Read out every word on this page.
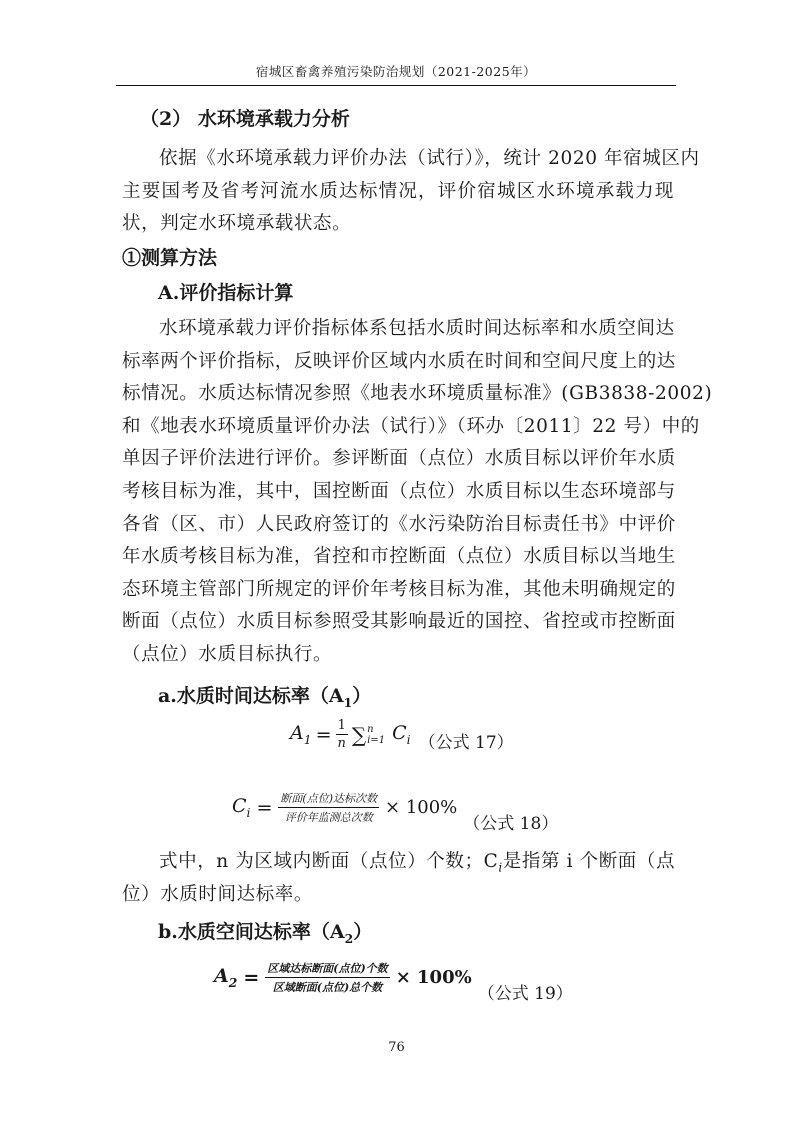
宿城区畜禽养殖污染防治规划（2021-2025年）
（2） 水环境承载力分析
依据《水环境承载力评价办法（试行）》，统计 2020 年宿城区内
主要国考及省考河流水质达标情况，评价宿城区水环境承载力现
状，判定水环境承载状态。
①测算方法
A.评价指标计算
水环境承载力评价指标体系包括水质时间达标率和水质空间达
标率两个评价指标，反映评价区域内水质在时间和空间尺度上的达
标情况。水质达标情况参照《地表水环境质量标准》(GB3838-2002)
和《地表水环境质量评价办法（试行）》（环办〔2011〕22 号）中的
单因子评价法进行评价。参评断面（点位）水质目标以评价年水质
考核目标为准，其中，国控断面（点位）水质目标以生态环境部与
各省（区、市）人民政府签订的《水污染防治目标责任书》中评价
年水质考核目标为准，省控和市控断面（点位）水质目标以当地生
态环境主管部门所规定的评价年考核目标为准，其他未明确规定的
断面（点位）水质目标参照受其影响最近的国控、省控或市控断面
（点位）水质目标执行。
a.水质时间达标率$(A_1)$
$A_1 = \frac{1}{n}$ ∑ n
i=1 $C_i$ （公式 17）
$C_i = \frac{\text{断面(点位)达标次数}}{\text{评价年监测总次数}} \times 100\%$
（公式 18）
式中，n 为区域内断面（点位）个数；$C_i$是指第 i 个断面（点
位）水质时间达标率。
b.水质空间达标率$(A_2)$
$A_2 = \frac{\text{区域达标断面(点位)个数}}{\text{区域断面(点位)总个数}} \times 100\%$
（公式 19）
76
